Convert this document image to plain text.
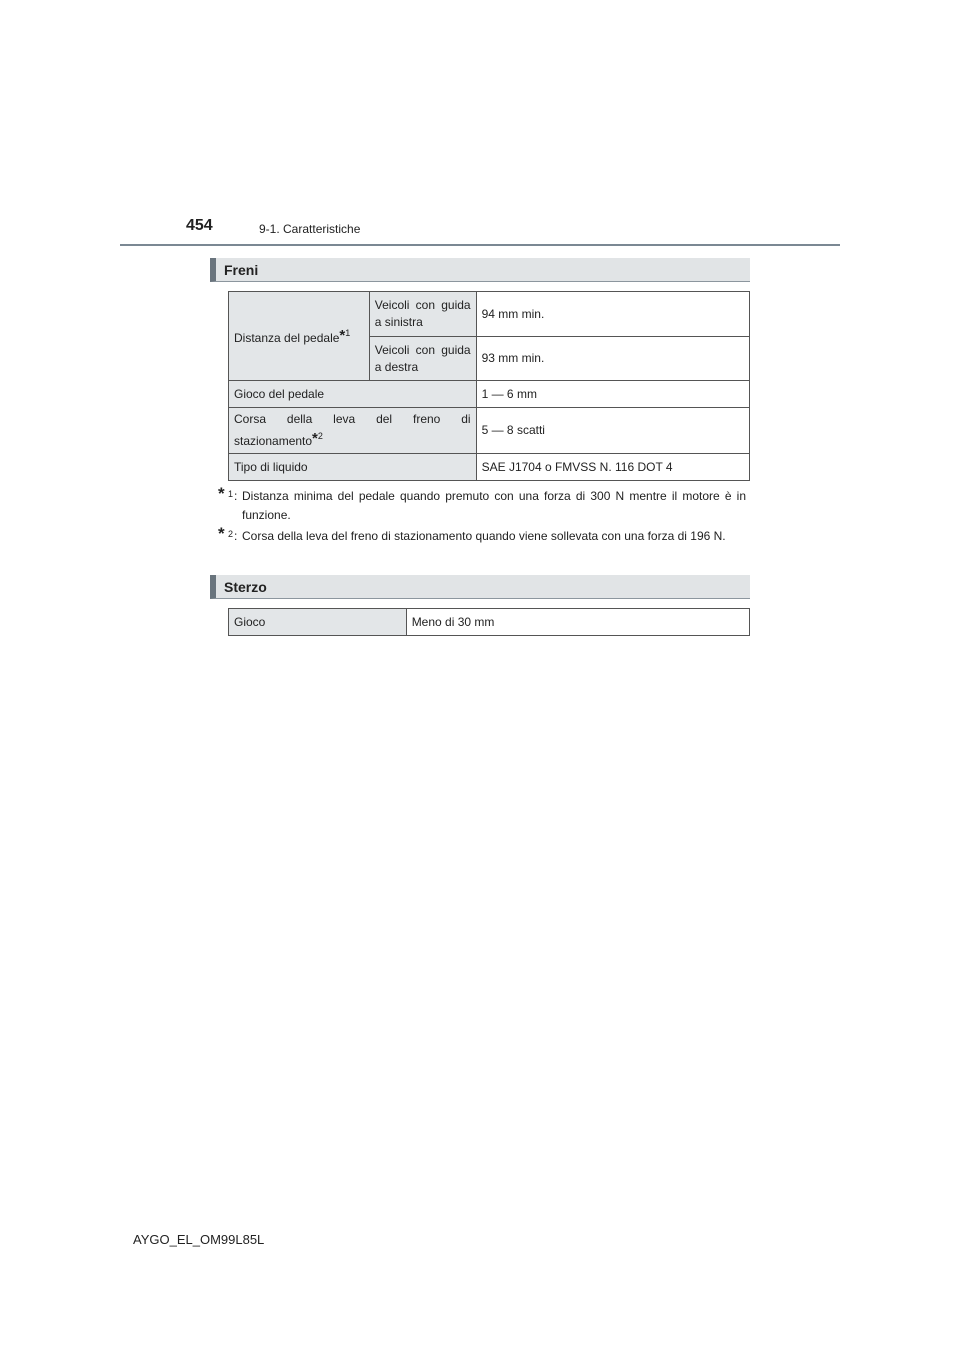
454	9-1. Caratteristiche
Freni
Distanza del pedale*$^1$	Veicoli con guida a sinistra	94 mm min.
	Veicoli con guida a destra	93 mm min.
Gioco del pedale		1 — 6 mm
Corsa della leva del freno di stazionamento*$^2$		5 — 8 scatti
Tipo di liquido		SAE J1704 o FMVSS N. 116 DOT 4
* 1 : Distanza minima del pedale quando premuto con una forza di 300 N mentre il motore è in funzione.
* 2 : Corsa della leva del freno di stazionamento quando viene sollevata con una forza di 196 N.
Sterzo
Gioco	Meno di 30 mm
AYGO_EL_OM99L85L
